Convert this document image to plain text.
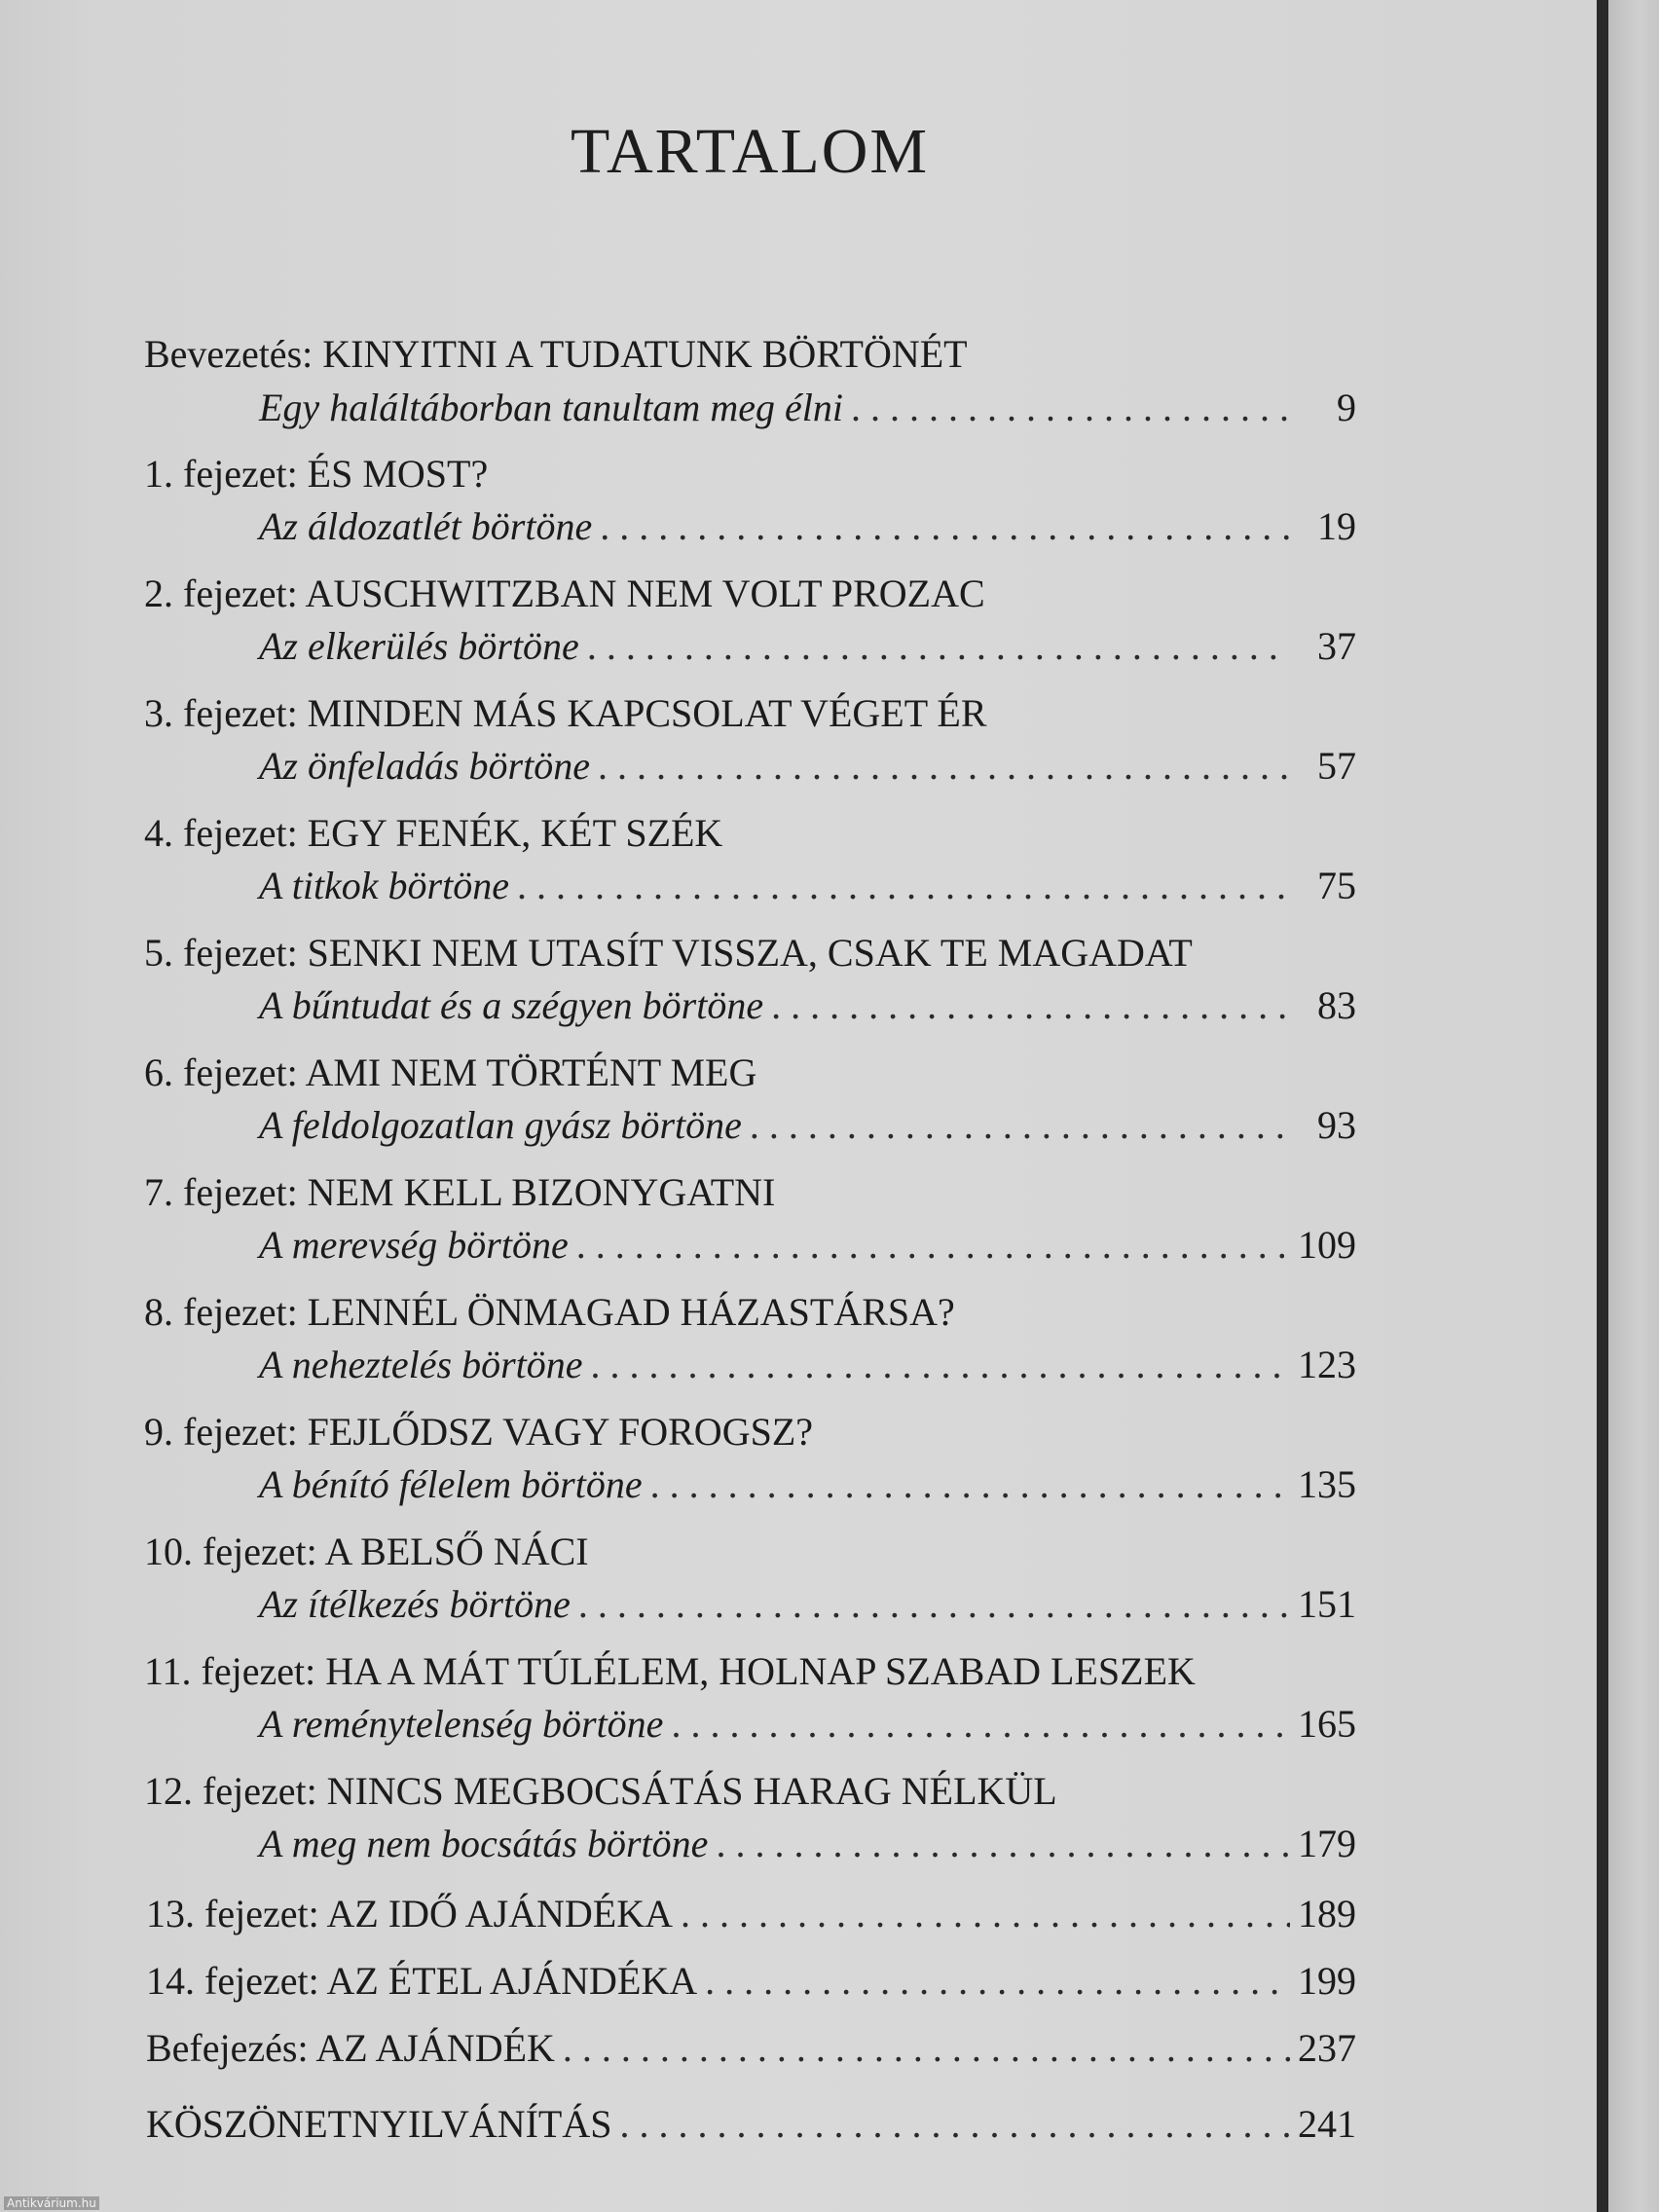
TARTALOM
Bevezetés: KINYITNI A TUDATUNK BÖRTÖNÉT
Egy haláltáborban tanultam meg élni . . .	9
1. fejezet: ÉS MOST?
Az áldozatlét börtöne . . .	19
2. fejezet: AUSCHWITZBAN NEM VOLT PROZAC
Az elkerülés börtöne . . .	37
3. fejezet: MINDEN MÁS KAPCSOLAT VÉGET ÉR
Az önfeladás börtöne . . .	57
4. fejezet: EGY FENÉK, KÉT SZÉK
A titkok börtöne . . .	75
5. fejezet: SENKI NEM UTASÍT VISSZA, CSAK TE MAGADAT
A bűntudat és a szégyen börtöne . . .	83
6. fejezet: AMI NEM TÖRTÉNT MEG
A feldolgozatlan gyász börtöne . . .	93
7. fejezet: NEM KELL BIZONYGATNI
A merevség börtöne . . .	109
8. fejezet: LENNÉL ÖNMAGAD HÁZASTÁRSA?
A neheztelés börtöne . . .	123
9. fejezet: FEJLŐDSZ VAGY FOROGSZ?
A bénító félelem börtöne . . .	135
10. fejezet: A BELSŐ NÁCI
Az ítélkezés börtöne . . .	151
11. fejezet: HA A MÁT TÚLÉLEM, HOLNAP SZABAD LESZEK
A reménytelenség börtöne . . .	165
12. fejezet: NINCS MEGBOCSÁTÁS HARAG NÉLKÜL
A meg nem bocsátás börtöne . . .	179
13. fejezet: AZ IDŐ AJÁNDÉKA . . .	189
14. fejezet: AZ ÉTEL AJÁNDÉKA . . .	199
Befejezés: AZ AJÁNDÉK . . .	237
KÖSZÖNETNYILVÁNÍTÁS . . .	241
Antikvárium.hu
